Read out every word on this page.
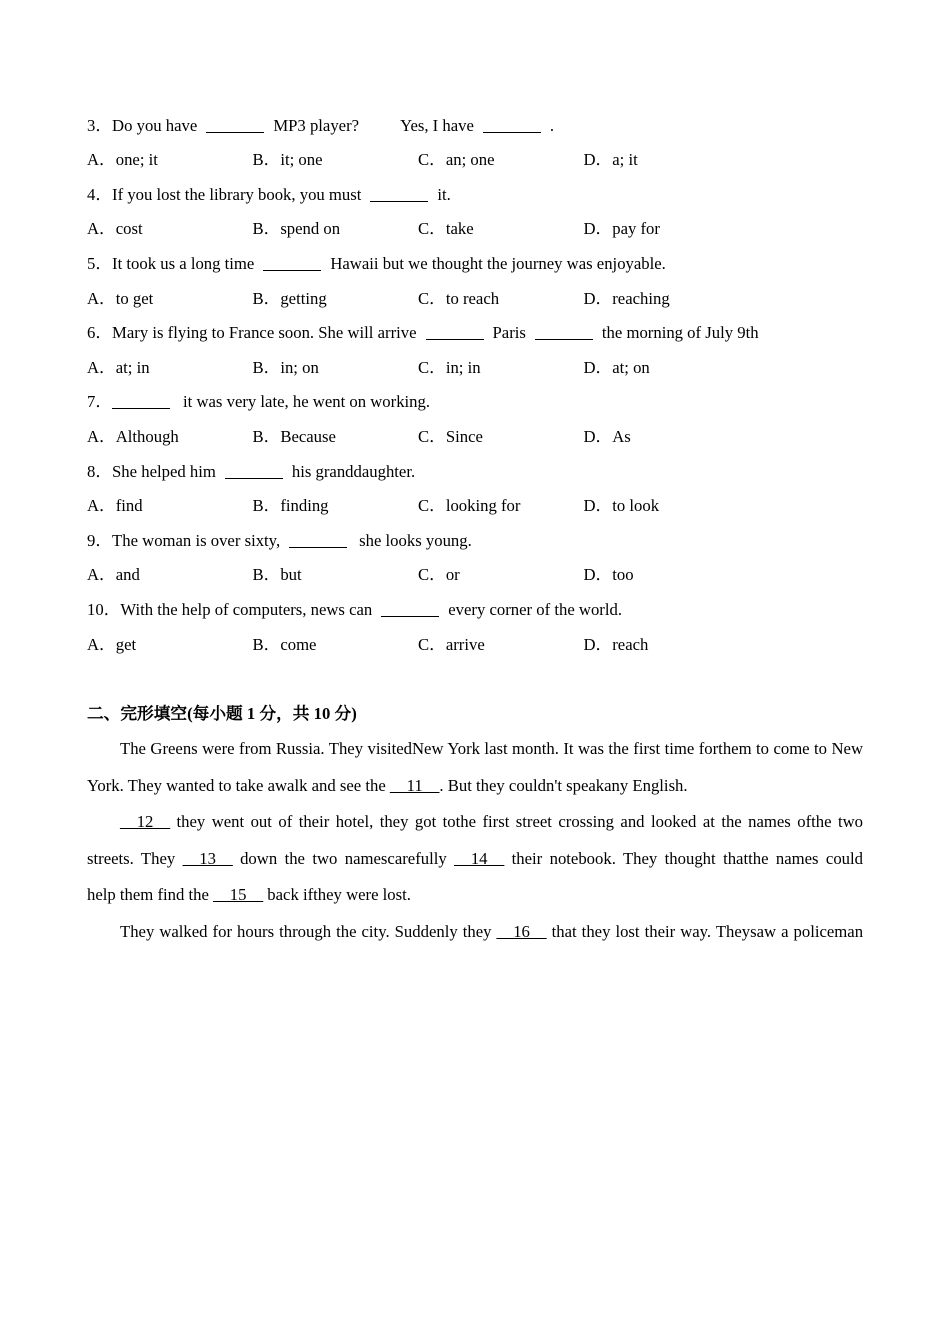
3．Do you have	MP3 player? Yes, I have	.
A．one; it	B．it; one	C．an; one	D．a; it
4．If you lost the library book, you must	it.
A．cost	B．spend on	C．take	D．pay for
5．It took us a long time	Hawaii but we thought the journey was enjoyable.
A．to get	B．getting	C．to reach	D．reaching
6．Mary is flying to France soon. She will arrive	Paris	the morning of July 9th
A．at; in	B．in; on	C．in; in	D．at; on
7．	it was very late, he went on working.
A．Although	B．Because	C．Since	D．As
8．She helped him	his granddaughter.
A．find	B．finding	C．looking for	D．to look
9．The woman is over sixty,	she looks young.
A．and	B．but	C．or	D．too
10．With the help of computers, news can	every corner of the world.
A．get	B．come	C．arrive	D．reach
二、完形填空(每小题 1 分，共 10 分)
The Greens were from Russia. They visitedNew York last month. It was the first time forthem to come to New
York. They wanted to take awalk and see the __11__. But they couldn't speakany English.
__12__ they went out of their hotel, they got tothe first street crossing and looked at the names ofthe two
streets. They __13__ down the two namescarefully __14__ their notebook. They thought thatthe names could
help them find the __15__ back ifthey were lost.
They walked for hours through the city. Suddenly they __16__ that they lost their way. Theysaw a policeman
